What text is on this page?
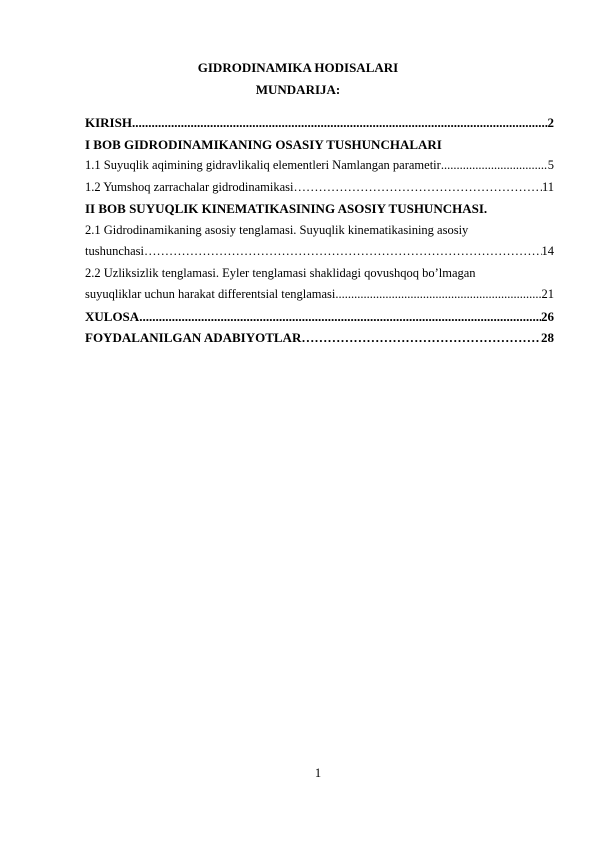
GIDRODINAMIKA HODISALARI
MUNDARIJA:
KIRISH .....	2
I BOB GIDRODINAMIKANING OSASIY TUSHUNCHALARI
1.1 Suyuqlik aqimining gidravlikaliq elementleri Namlangan parametir .....	5
1.2 Yumshoq zarrachalar gidrodinamikasi ………………………………………………………………………………………………………………………………………………………………………………………………………………	11
II BOB SUYUQLIK KINEMATIKASINING ASOSIY TUSHUNCHASI.
2.1 Gidrodinamikaning asosiy tenglamasi. Suyuqlik kinematikasining asosiy
tushunchasi ………………………………………………………………………………………………………………………………………………………………………………………………………………	14
2.2 Uzliksizlik tenglamasi. Eyler tenglamasi shaklidagi qovushqoq bo’lmagan
suyuqliklar uchun harakat differentsial tenglamasi .....	21
XULOSA .....	26
FOYDALANILGAN ADABIYOTLAR ………………………………………………………………………………………………………………………………………………………………………………………………………………	28
1
